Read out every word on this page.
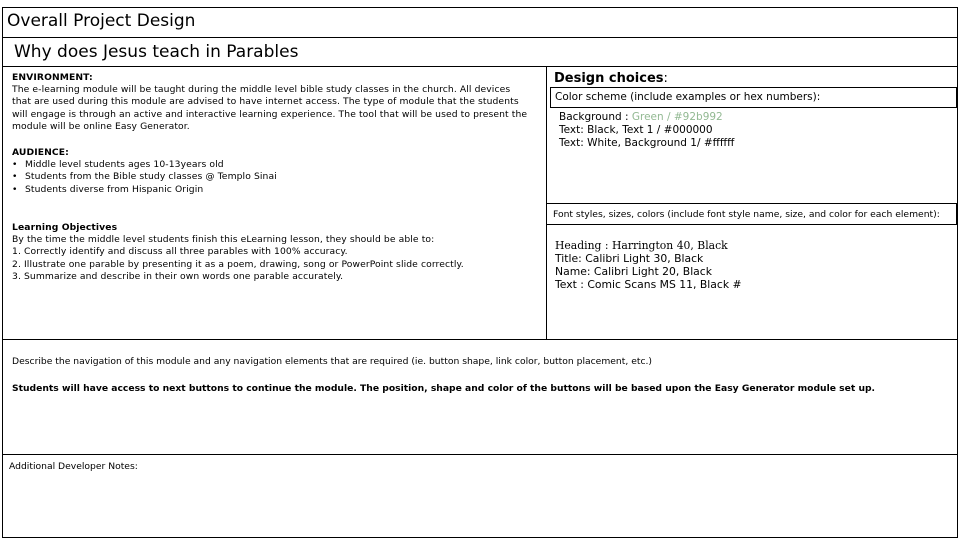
Overall Project Design
Why does Jesus teach in Parables
ENVIRONMENT:
The e-learning module will be taught during the middle level bible study classes in the church. All devices that are used during this module are advised to have internet access. The type of module that the students will engage is through an active and interactive learning experience. The tool that will be used to present the module will be online Easy Generator.
AUDIENCE:
• Middle level students ages 10-13years old
• Students from the Bible study classes @ Templo Sinai
• Students diverse from Hispanic Origin
Learning Objectives
By the time the middle level students finish this eLearning lesson, they should be able to:
1. Correctly identify and discuss all three parables with 100% accuracy.
2. Illustrate one parable by presenting it as a poem, drawing, song or PowerPoint slide correctly.
3. Summarize and describe in their own words one parable accurately.
Design choices:
Color scheme (include examples or hex numbers):
Background : Green / #92b992
Text: Black, Text 1 / #000000
Text: White, Background 1/ #ffffff
Font styles, sizes, colors (include font style name, size, and color for each element):
Heading : Harrington 40, Black
Title: Calibri Light 30, Black
Name: Calibri Light 20, Black
Text : Comic Scans MS 11, Black #
Describe the navigation of this module and any navigation elements that are required (ie. button shape, link color, button placement, etc.)
Students will have access to next buttons to continue the module. The position, shape and color of the buttons will be based upon the Easy Generator module set up.
Additional Developer Notes:
